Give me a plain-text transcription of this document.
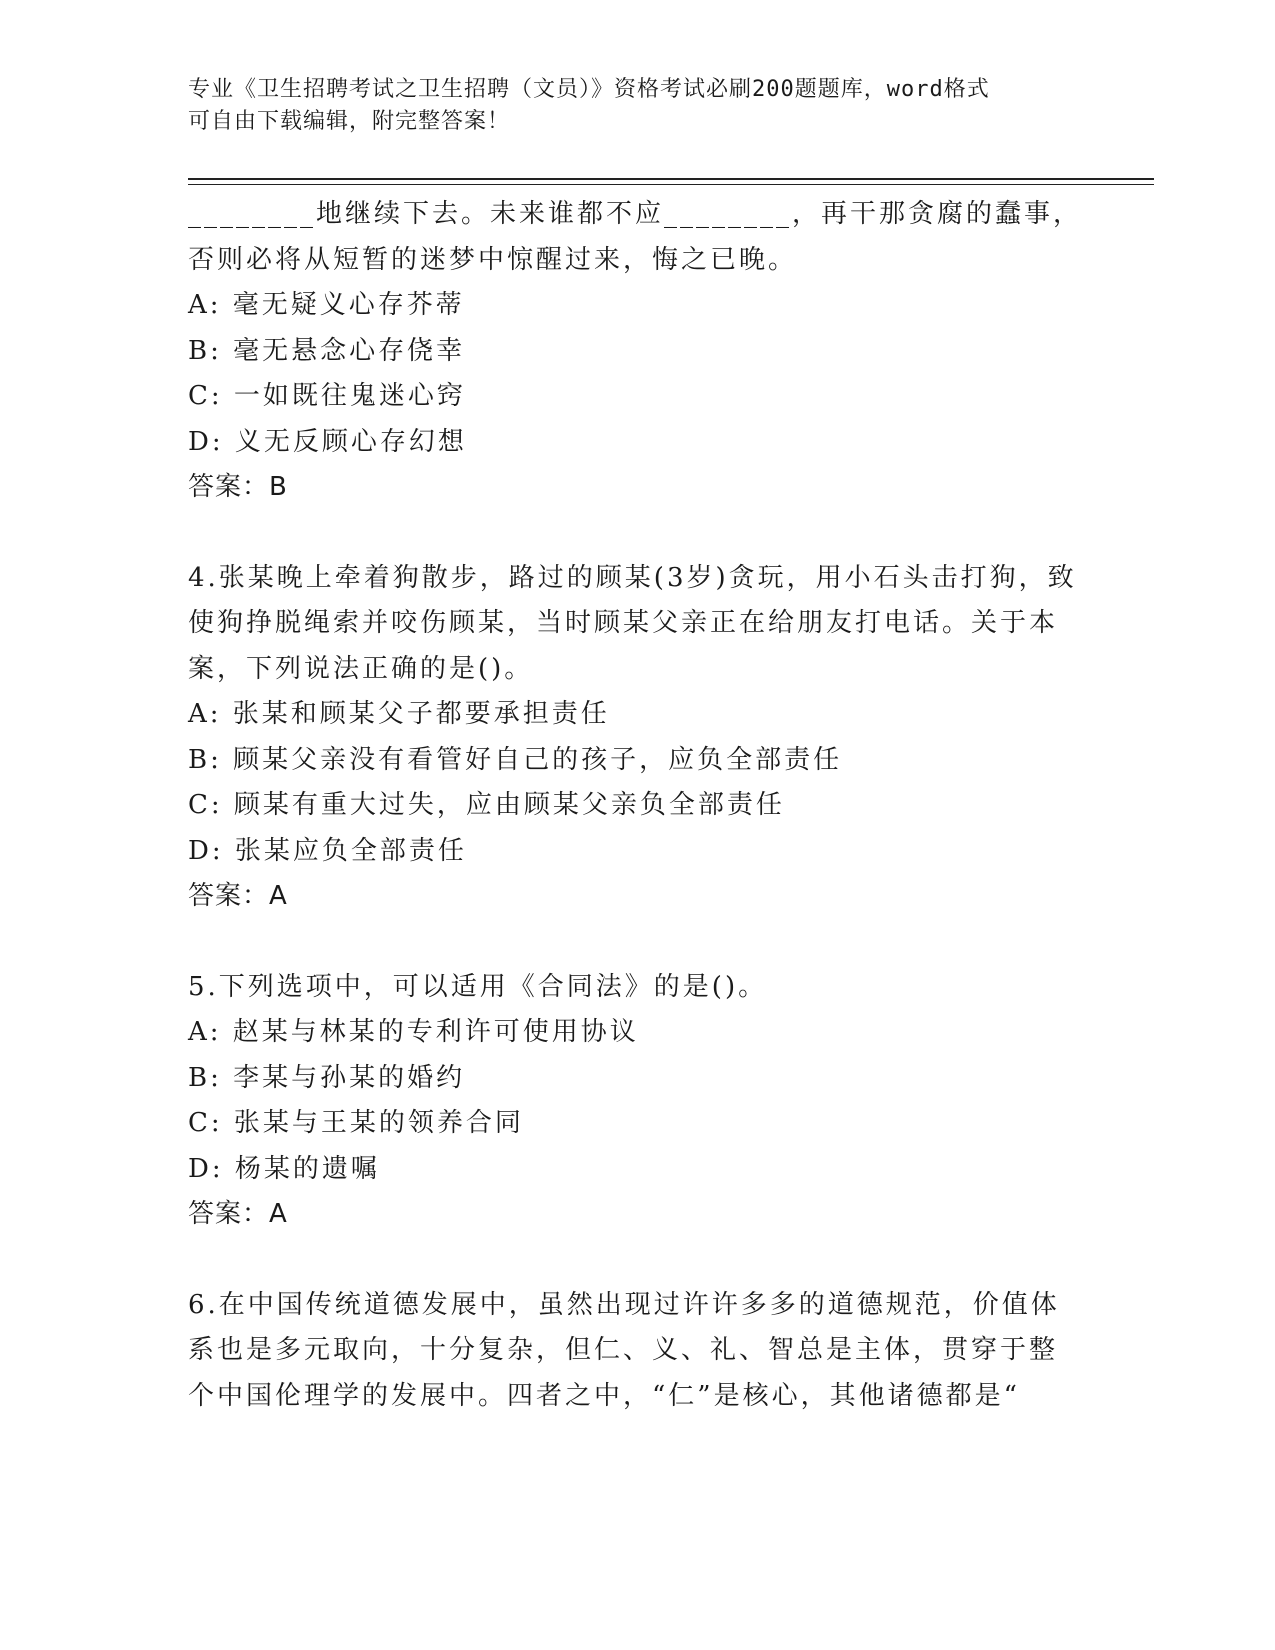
专业《卫生招聘考试之卫生招聘（文员）》资格考试必刷200题题库，word格式
可自由下载编辑，附完整答案！
________地继续下去。未来谁都不应________，再干那贪腐的蠢事，
否则必将从短暂的迷梦中惊醒过来，悔之已晚。
A: 毫无疑义心存芥蒂
B: 毫无悬念心存侥幸
C: 一如既往鬼迷心窍
D: 义无反顾心存幻想
答案：B
4.张某晚上牵着狗散步，路过的顾某(3岁)贪玩，用小石头击打狗，致
使狗挣脱绳索并咬伤顾某，当时顾某父亲正在给朋友打电话。关于本
案，下列说法正确的是()。
A: 张某和顾某父子都要承担责任
B: 顾某父亲没有看管好自己的孩子，应负全部责任
C: 顾某有重大过失，应由顾某父亲负全部责任
D: 张某应负全部责任
答案：A
5.下列选项中，可以适用《合同法》的是()。
A: 赵某与林某的专利许可使用协议
B: 李某与孙某的婚约
C: 张某与王某的领养合同
D: 杨某的遗嘱
答案：A
6.在中国传统道德发展中，虽然出现过许许多多的道德规范，价值体
系也是多元取向，十分复杂，但仁、义、礼、智总是主体，贯穿于整
个中国伦理学的发展中。四者之中，“仁”是核心，其他诸德都是“
